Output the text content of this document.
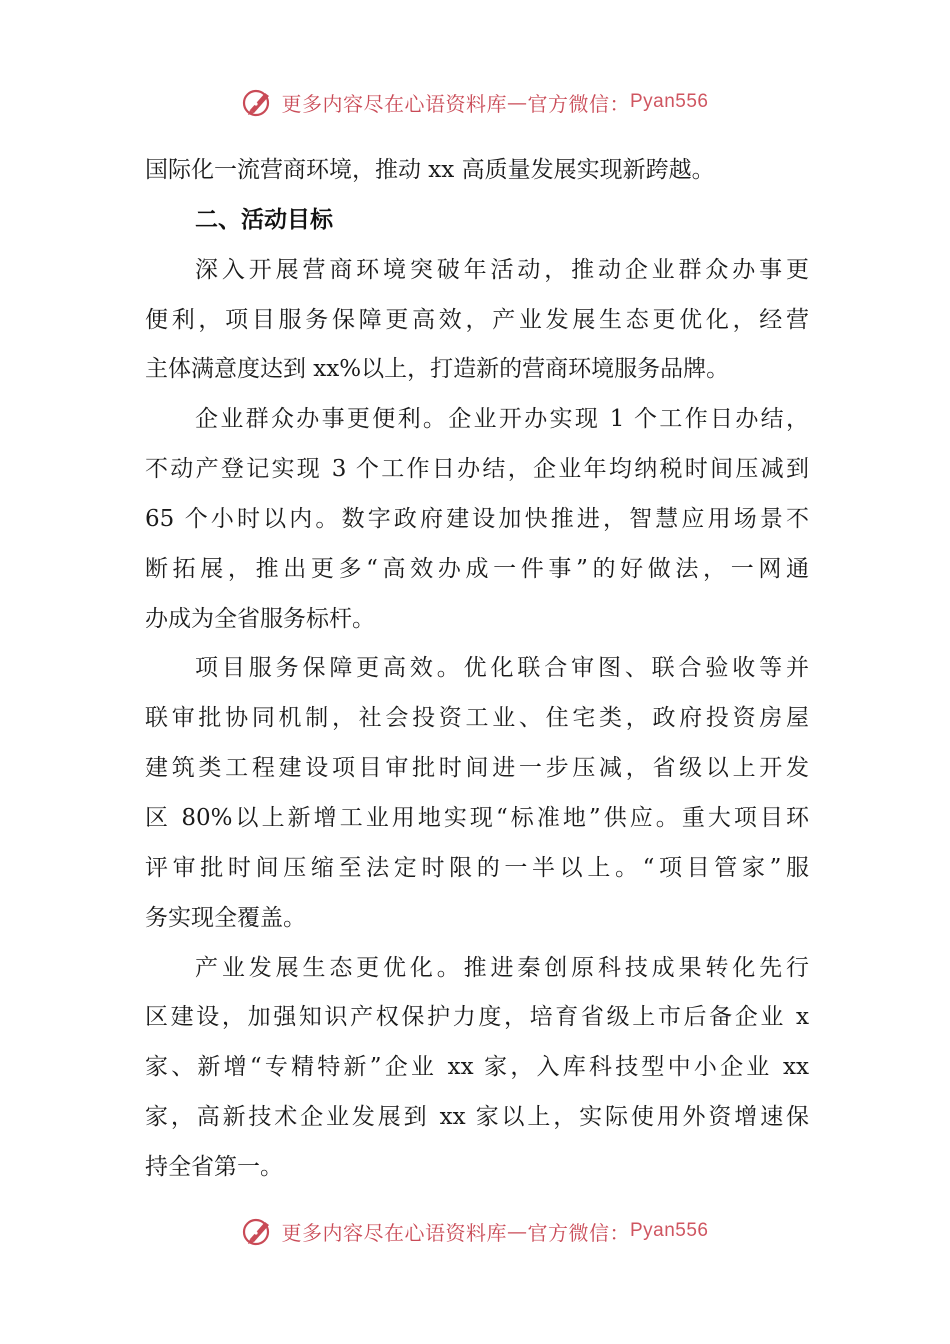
更多内容尽在心语资料库 — 官方微信： Pyan556
国际化一流营商环境，推动 xx 高质量发展实现新跨越。
二、活动目标
深入开展营商环境突破年活动，推动企业群众办事更
便利，项目服务保障更高效，产业发展生态更优化，经营
主体满意度达到 xx%以上，打造新的营商环境服务品牌。
企业群众办事更便利。企业开办实现 1 个工作日办结，
不动产登记实现 3 个工作日办结，企业年均纳税时间压减到
65 个小时以内。数字政府建设加快推进，智慧应用场景不
断拓展，推出更多“高效办成一件事”的好做法，一网通
办成为全省服务标杆。
项目服务保障更高效。优化联合审图、联合验收等并
联审批协同机制，社会投资工业、住宅类，政府投资房屋
建筑类工程建设项目审批时间进一步压减，省级以上开发
区 80%以上新增工业用地实现“标准地”供应。重大项目环
评审批时间压缩至法定时限的一半以上。“项目管家”服
务实现全覆盖。
产业发展生态更优化。推进秦创原科技成果转化先行
区建设，加强知识产权保护力度，培育省级上市后备企业 x
家、新增“专精特新”企业 xx 家，入库科技型中小企业 xx
家，高新技术企业发展到 xx 家以上，实际使用外资增速保
持全省第一。
更多内容尽在心语资料库 — 官方微信： Pyan556
